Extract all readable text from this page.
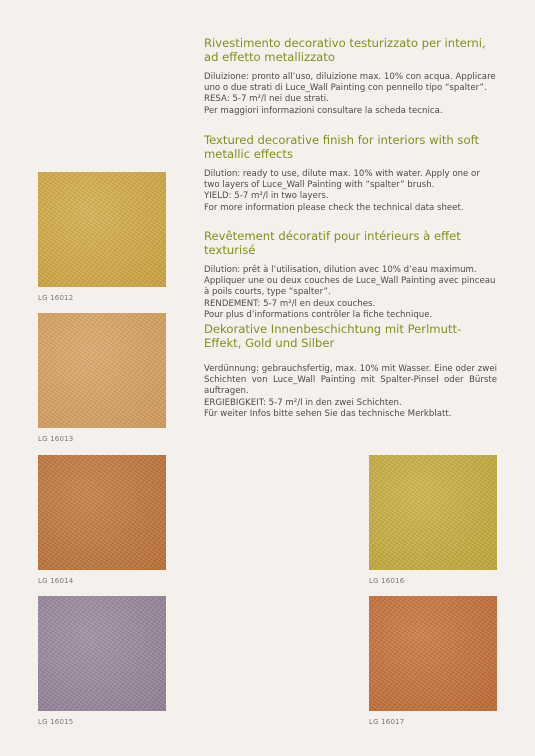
Rivestimento decorativo testurizzato per interni, ad effetto metallizzato
Diluizione: pronto all’uso, diluizione max. 10% con acqua. Applicare uno o due strati di Luce_Wall Painting con pennello tipo “spalter”.
RESA: 5-7 m²/l nei due strati.
Per maggiori informazioni consultare la scheda tecnica.
Textured decorative finish for interiors with soft metallic effects
Dilution: ready to use, dilute max. 10% with water. Apply one or two layers of Luce_Wall Painting with “spalter” brush.
YIELD: 5-7 m²/l in two layers.
For more information please check the technical data sheet.
Revêtement décoratif pour intérieurs à effet texturisé
Dilution: prêt à l’utilisation, dilution avec 10% d’eau maximum. Appliquer une ou deux couches de Luce_Wall Painting avec pinceau à poils courts, type “spalter”.
RENDEMENT: 5-7 m²/l en deux couches.
Pour plus d’informations contrôler la fiche technique.
Dekorative Innenbeschichtung mit Perlmutt-Effekt, Gold und Silber
Verdünnung: gebrauchsfertig, max. 10% mit Wasser. Eine oder zwei Schichten von Luce_Wall Painting mit Spalter-Pinsel oder Bürste auftragen.
ERGIEBIGKEIT: 5-7 m²/l in den zwei Schichten.
Für weiter Infos bitte sehen Sie das technische Merkblatt.
LG 16012
LG 16013
LG 16014
LG 16015
LG 16016
LG 16017
